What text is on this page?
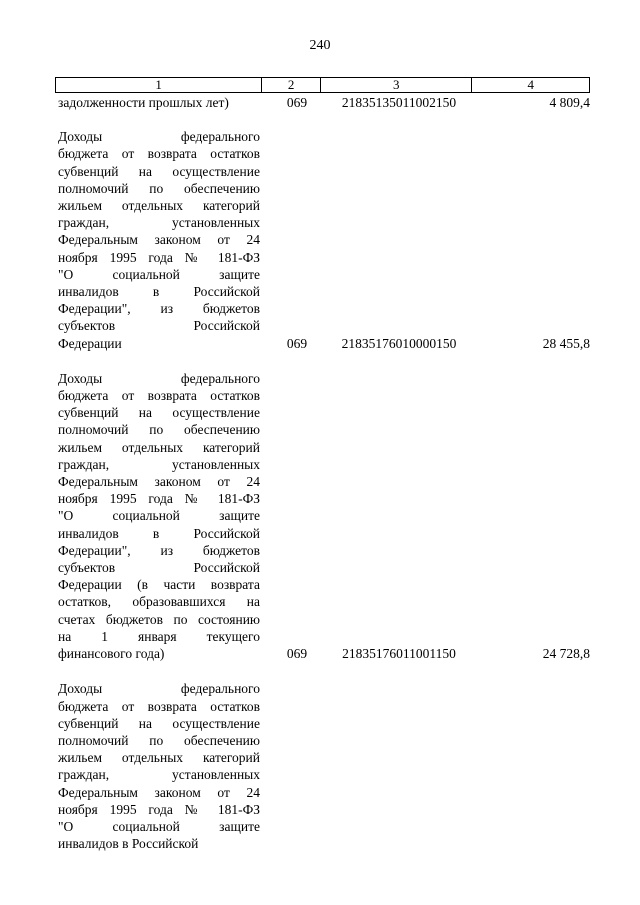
240
1	2	3	4
задолженности прошлых лет)	069	21835135011002150	4 809,4
Доходы федерального
бюджета от возврата остатков
субвенций на осуществление
полномочий по обеспечению
жильем отдельных категорий
граждан, установленных
Федеральным законом от 24
ноября 1995 года № 181-ФЗ
"О социальной защите
инвалидов в Российской
Федерации", из бюджетов
субъектов Российской
Федерации	069	21835176010000150	28 455,8
Доходы федерального
бюджета от возврата остатков
субвенций на осуществление
полномочий по обеспечению
жильем отдельных категорий
граждан, установленных
Федеральным законом от 24
ноября 1995 года № 181-ФЗ
"О социальной защите
инвалидов в Российской
Федерации", из бюджетов
субъектов Российской
Федерации (в части возврата
остатков, образовавшихся на
счетах бюджетов по состоянию
на 1 января текущего
финансового года)	069	21835176011001150	24 728,8
Доходы федерального
бюджета от возврата остатков
субвенций на осуществление
полномочий по обеспечению
жильем отдельных категорий
граждан, установленных
Федеральным законом от 24
ноября 1995 года № 181-ФЗ
"О социальной защите
инвалидов в Российской
